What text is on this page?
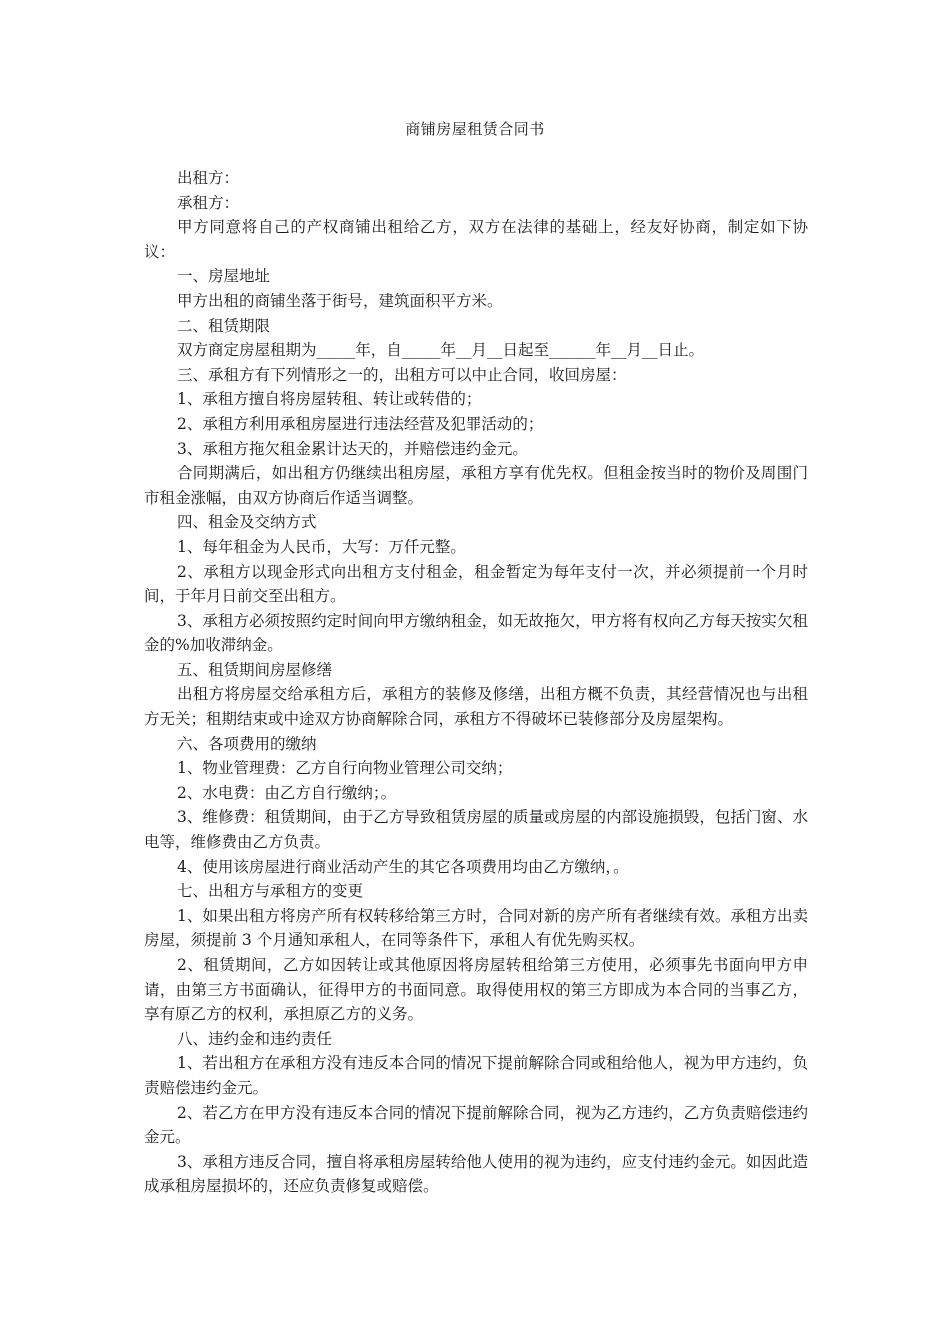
商铺房屋租赁合同书

出租方：

承租方：

甲方同意将自己的产权商铺出租给乙方，双方在法律的基础上，经友好协商，制定如下协议：

一、房屋地址

甲方出租的商铺坐落于街号，建筑面积平方米。

二、租赁期限

双方商定房屋租期为_____年，自_____年__月__日起至______年__月__日止。

三、承租方有下列情形之一的，出租方可以中止合同，收回房屋：

1、承租方擅自将房屋转租、转让或转借的；

2、承租方利用承租房屋进行违法经营及犯罪活动的；

3、承租方拖欠租金累计达天的，并赔偿违约金元。

合同期满后，如出租方仍继续出租房屋，承租方享有优先权。但租金按当时的物价及周围门市租金涨幅，由双方协商后作适当调整。

四、租金及交纳方式

1、每年租金为人民币，大写：万仟元整。

2、承租方以现金形式向出租方支付租金，租金暂定为每年支付一次，并必须提前一个月时间，于年月日前交至出租方。

3、承租方必须按照约定时间向甲方缴纳租金，如无故拖欠，甲方将有权向乙方每天按实欠租金的%加收滞纳金。

五、租赁期间房屋修缮

出租方将房屋交给承租方后，承租方的装修及修缮，出租方概不负责，其经营情况也与出租方无关；租期结束或中途双方协商解除合同，承租方不得破坏已装修部分及房屋架构。

六、各项费用的缴纳

1、物业管理费：乙方自行向物业管理公司交纳；

2、水电费：由乙方自行缴纳；。

3、维修费：租赁期间，由于乙方导致租赁房屋的质量或房屋的内部设施损毁，包括门窗、水电等，维修费由乙方负责。

4、使用该房屋进行商业活动产生的其它各项费用均由乙方缴纳，。

七、出租方与承租方的变更

1、如果出租方将房产所有权转移给第三方时，合同对新的房产所有者继续有效。承租方出卖房屋，须提前 3 个月通知承租人，在同等条件下，承租人有优先购买权。

2、租赁期间，乙方如因转让或其他原因将房屋转租给第三方使用，必须事先书面向甲方申请，由第三方书面确认，征得甲方的书面同意。取得使用权的第三方即成为本合同的当事乙方，享有原乙方的权利，承担原乙方的义务。

八、违约金和违约责任

1、若出租方在承租方没有违反本合同的情况下提前解除合同或租给他人，视为甲方违约，负责赔偿违约金元。

2、若乙方在甲方没有违反本合同的情况下提前解除合同，视为乙方违约，乙方负责赔偿违约金元。

3、承租方违反合同，擅自将承租房屋转给他人使用的视为违约，应支付违约金元。如因此造成承租房屋损坏的，还应负责修复或赔偿。
